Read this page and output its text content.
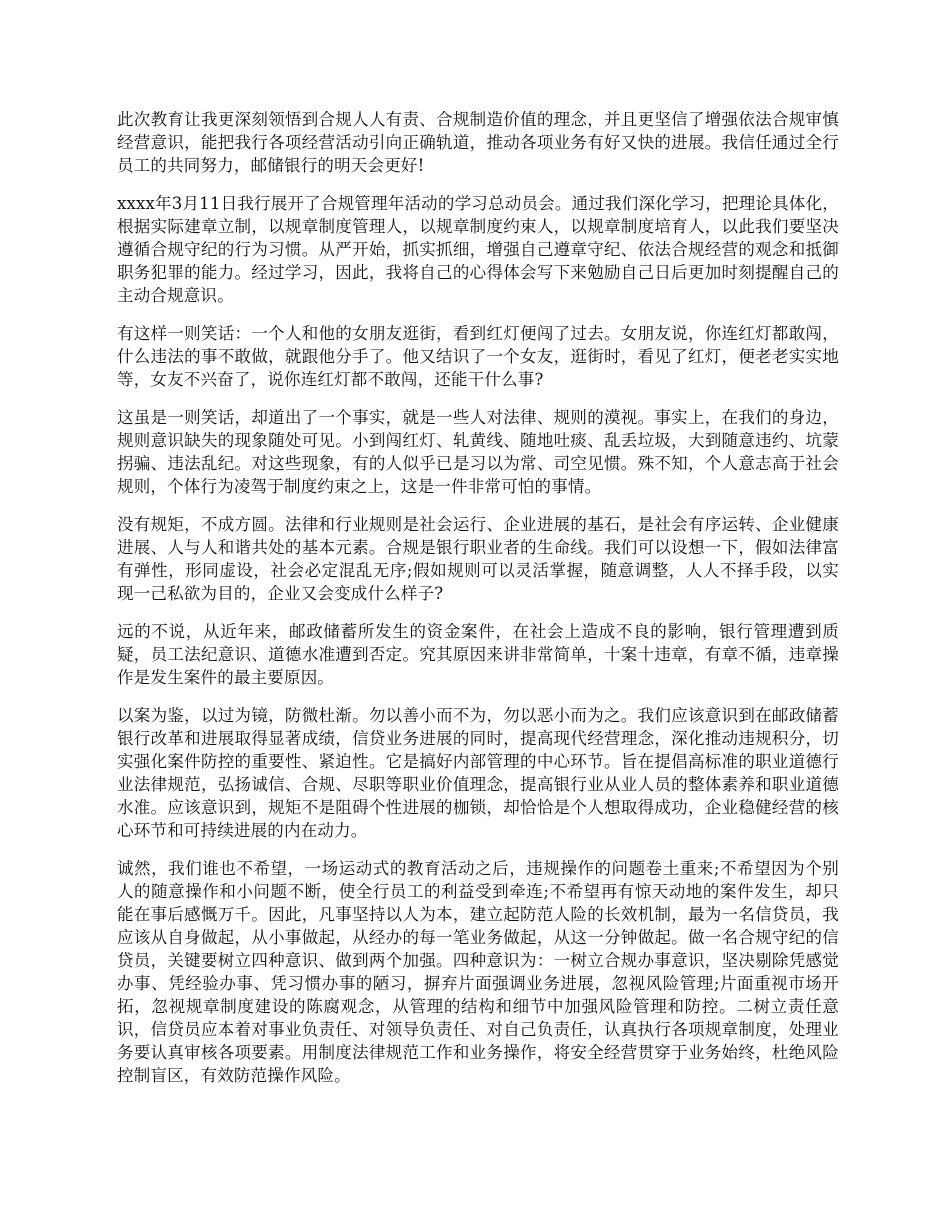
此次教育让我更深刻领悟到合规人人有责、合规制造价值的理念，并且更坚信了增强依法合规审慎经营意识，能把我行各项经营活动引向正确轨道，推动各项业务有好又快的进展。我信任通过全行员工的共同努力，邮储银行的明天会更好!

xxxx年3月11日我行展开了合规管理年活动的学习总动员会。通过我们深化学习，把理论具体化，根据实际建章立制，以规章制度管理人，以规章制度约束人，以规章制度培育人，以此我们要坚决遵循合规守纪的行为习惯。从严开始，抓实抓细，增强自己遵章守纪、依法合规经营的观念和抵御职务犯罪的能力。经过学习，因此，我将自己的心得体会写下来勉励自己日后更加时刻提醒自己的主动合规意识。

有这样一则笑话：一个人和他的女朋友逛街，看到红灯便闯了过去。女朋友说，你连红灯都敢闯，什么违法的事不敢做，就跟他分手了。他又结识了一个女友，逛街时，看见了红灯，便老老实实地等，女友不兴奋了，说你连红灯都不敢闯，还能干什么事?

这虽是一则笑话，却道出了一个事实，就是一些人对法律、规则的漠视。事实上，在我们的身边，规则意识缺失的现象随处可见。小到闯红灯、轧黄线、随地吐痰、乱丢垃圾，大到随意违约、坑蒙拐骗、违法乱纪。对这些现象，有的人似乎已是习以为常、司空见惯。殊不知，个人意志高于社会规则，个体行为凌驾于制度约束之上，这是一件非常可怕的事情。

没有规矩，不成方圆。法律和行业规则是社会运行、企业进展的基石，是社会有序运转、企业健康进展、人与人和谐共处的基本元素。合规是银行职业者的生命线。我们可以设想一下，假如法律富有弹性，形同虚设，社会必定混乱无序;假如规则可以灵活掌握，随意调整，人人不择手段，以实现一己私欲为目的，企业又会变成什么样子?

远的不说，从近年来，邮政储蓄所发生的资金案件，在社会上造成不良的影响，银行管理遭到质疑，员工法纪意识、道德水准遭到否定。究其原因来讲非常简单，十案十违章，有章不循，违章操作是发生案件的最主要原因。

以案为鉴，以过为镜，防微杜渐。勿以善小而不为，勿以恶小而为之。我们应该意识到在邮政储蓄银行改革和进展取得显著成绩，信贷业务进展的同时，提高现代经营理念，深化推动违规积分，切实强化案件防控的重要性、紧迫性。它是搞好内部管理的中心环节。旨在提倡高标准的职业道德行业法律规范，弘扬诚信、合规、尽职等职业价值理念，提高银行业从业人员的整体素养和职业道德水准。应该意识到，规矩不是阻碍个性进展的枷锁，却恰恰是个人想取得成功，企业稳健经营的核心环节和可持续进展的内在动力。

诚然，我们谁也不希望，一场运动式的教育活动之后，违规操作的问题卷土重来;不希望因为个别人的随意操作和小问题不断，使全行员工的利益受到牵连;不希望再有惊天动地的案件发生，却只能在事后感慨万千。因此，凡事坚持以人为本，建立起防范人险的长效机制，最为一名信贷员，我应该从自身做起，从小事做起，从经办的每一笔业务做起，从这一分钟做起。做一名合规守纪的信贷员，关键要树立四种意识、做到两个加强。四种意识为：一树立合规办事意识，坚决剔除凭感觉办事、凭经验办事、凭习惯办事的陋习，摒弃片面强调业务进展，忽视风险管理;片面重视市场开拓，忽视规章制度建设的陈腐观念，从管理的结构和细节中加强风险管理和防控。二树立责任意识，信贷员应本着对事业负责任、对领导负责任、对自己负责任，认真执行各项规章制度，处理业务要认真审核各项要素。用制度法律规范工作和业务操作，将安全经营贯穿于业务始终，杜绝风险控制盲区，有效防范操作风险。
